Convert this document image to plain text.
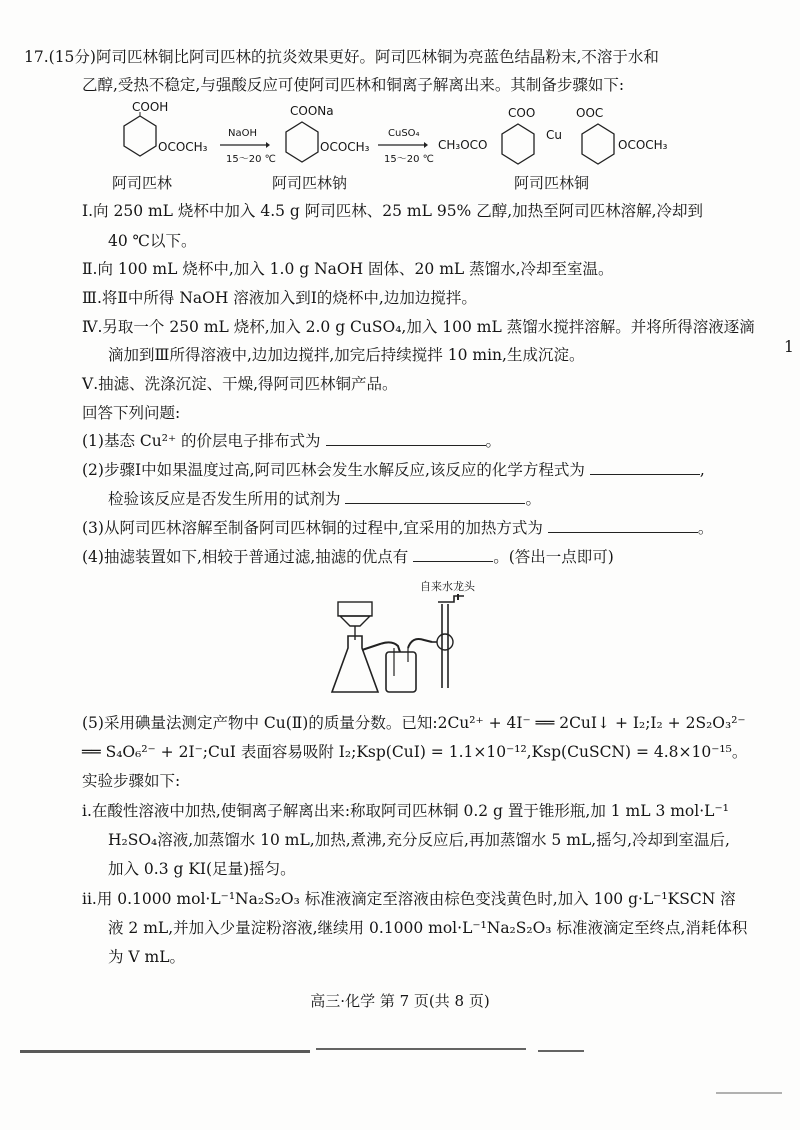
17.(15分)阿司匹林铜比阿司匹林的抗炎效果更好。阿司匹林铜为亮蓝色结晶粉末,不溶于水和
乙醇,受热不稳定,与强酸反应可使阿司匹林和铜离子解离出来。其制备步骤如下:
COOH
OCOCH₃ →
NaOH
15～20 ℃
COONa
OCOCH₃ →
CuSO₄
15～20 ℃
CH₃OCO
COO
Cu
OOC
OCOCH₃
阿司匹林	阿司匹林钠	阿司匹林铜
Ⅰ.向 250 mL 烧杯中加入 4.5 g 阿司匹林、25 mL 95% 乙醇,加热至阿司匹林溶解,冷却到
40 ℃以下。
Ⅱ.向 100 mL 烧杯中,加入 1.0 g NaOH 固体、20 mL 蒸馏水,冷却至室温。
Ⅲ.将Ⅱ中所得 NaOH 溶液加入到Ⅰ的烧杯中,边加边搅拌。
Ⅳ.另取一个 250 mL 烧杯,加入 2.0 g CuSO₄,加入 100 mL 蒸馏水搅拌溶解。并将所得溶液逐滴
滴加到Ⅲ所得溶液中,边加边搅拌,加完后持续搅拌 10 min,生成沉淀。	1
Ⅴ.抽滤、洗涤沉淀、干燥,得阿司匹林铜产品。
回答下列问题:
(1)基态 Cu²⁺ 的价层电子排布式为	。
(2)步骤Ⅰ中如果温度过高,阿司匹林会发生水解反应,该反应的化学方程式为	,
检验该反应是否发生所用的试剂为	。
(3)从阿司匹林溶解至制备阿司匹林铜的过程中,宜采用的加热方式为	。
(4)抽滤装置如下,相较于普通过滤,抽滤的优点有	。(答出一点即可)
自来水龙头
(5)采用碘量法测定产物中 Cu(Ⅱ)的质量分数。已知:2Cu²⁺ + 4I⁻ ══ 2CuI↓ + I₂;I₂ + 2S₂O₃²⁻
══ S₄O₆²⁻ + 2I⁻;CuI 表面容易吸附 I₂;Ksp(CuI) = 1.1×10⁻¹²,Ksp(CuSCN) = 4.8×10⁻¹⁵。
实验步骤如下:
i.在酸性溶液中加热,使铜离子解离出来:称取阿司匹林铜 0.2 g 置于锥形瓶,加 1 mL 3 mol·L⁻¹
H₂SO₄溶液,加蒸馏水 10 mL,加热,煮沸,充分反应后,再加蒸馏水 5 mL,摇匀,冷却到室温后,
加入 0.3 g KI(足量)摇匀。
ii.用 0.1000 mol·L⁻¹Na₂S₂O₃ 标准液滴定至溶液由棕色变浅黄色时,加入 100 g·L⁻¹KSCN 溶
液 2 mL,并加入少量淀粉溶液,继续用 0.1000 mol·L⁻¹Na₂S₂O₃ 标准液滴定至终点,消耗体积
为 V mL。
高三·化学 第 7 页(共 8 页)
